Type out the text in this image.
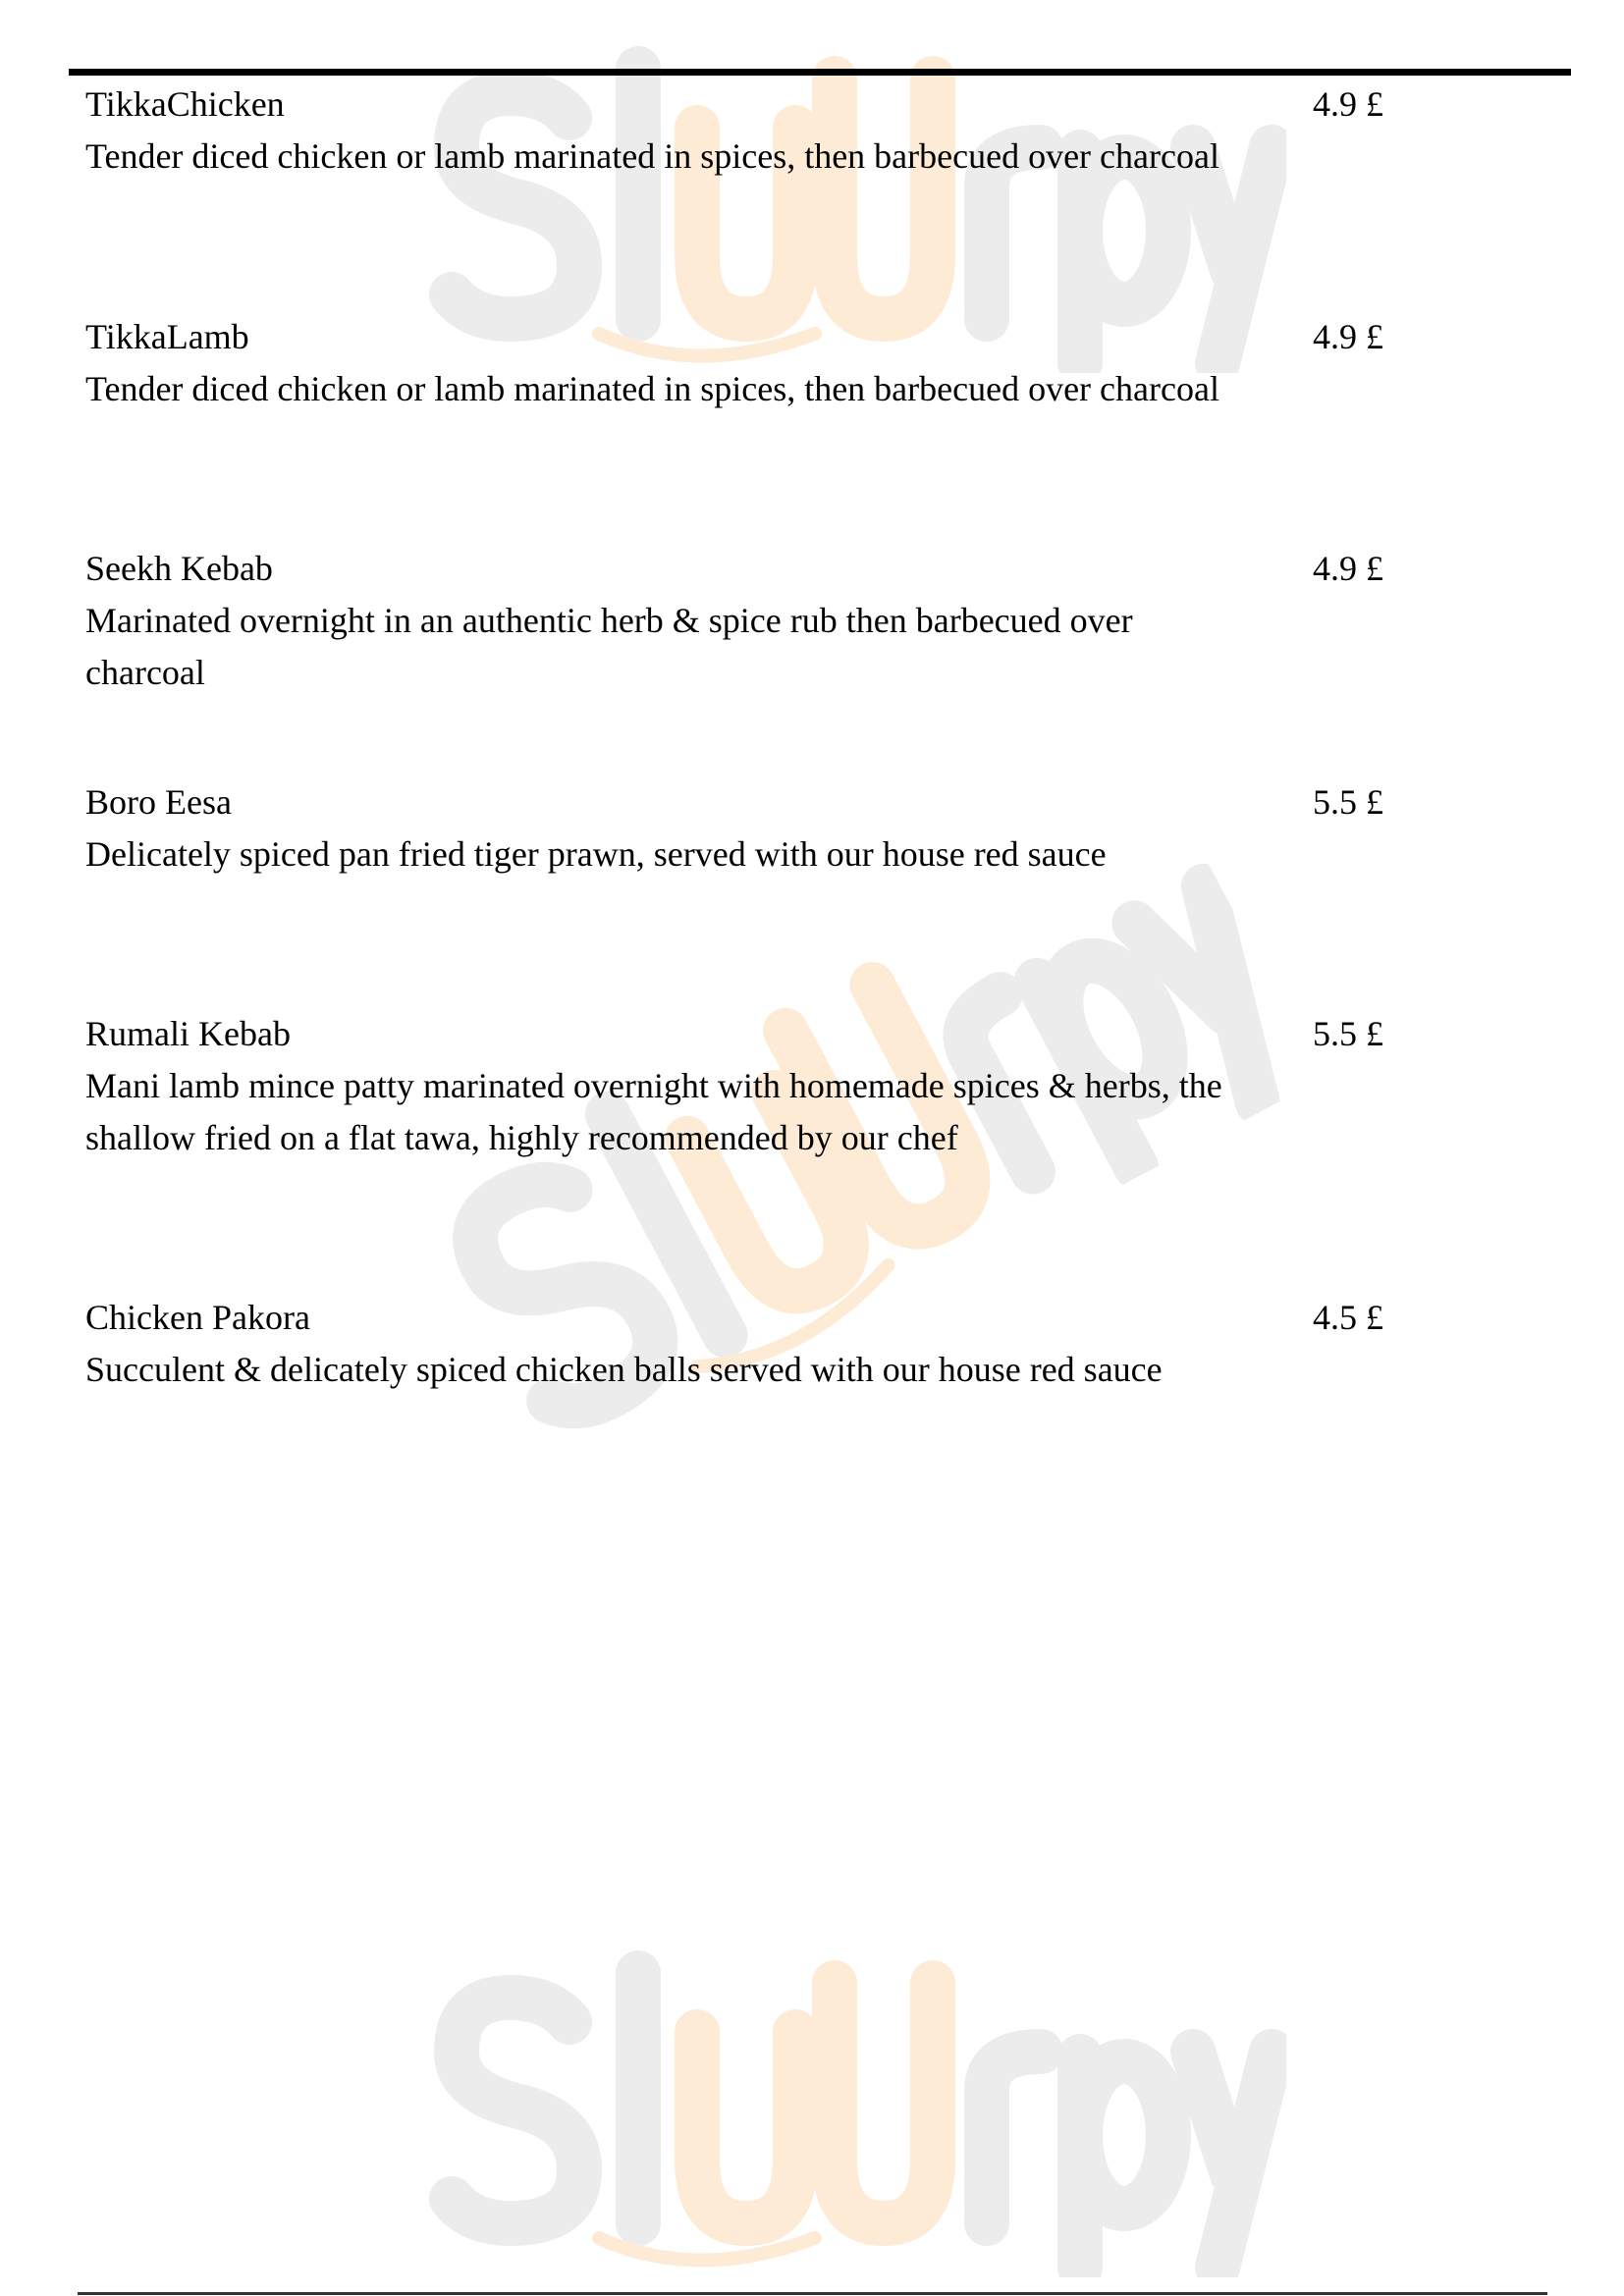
TikkaChicken
Tender diced chicken or lamb marinated in spices, then barbecued over charcoal
4.9 £
TikkaLamb
Tender diced chicken or lamb marinated in spices, then barbecued over charcoal
4.9 £
Seekh Kebab
Marinated overnight in an authentic herb & spice rub then barbecued over charcoal
4.9 £
Boro Eesa
Delicately spiced pan fried tiger prawn, served with our house red sauce
5.5 £
Rumali Kebab
Mani lamb mince patty marinated overnight with homemade spices & herbs, the shallow fried on a flat tawa, highly recommended by our chef
5.5 £
Chicken Pakora
Succulent & delicately spiced chicken balls served with our house red sauce
4.5 £
